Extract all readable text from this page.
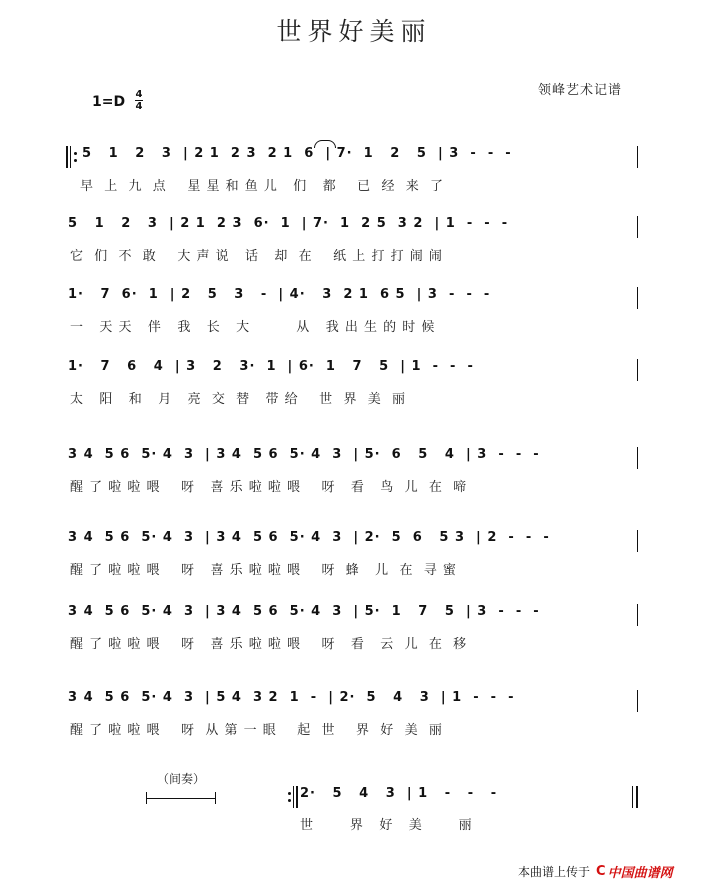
世界好美丽
领峰艺术记谱
1=D 4
4
5   1   2   3  | 2 1  2 3  2 1  6  | 7·  1   2   5  | 3  -  -  -
早  上  九  点    星 星 和 鱼 儿   们   都    已  经  来  了
5   1   2   3  | 2 1  2 3  6·  1  | 7·  1  2 5  3 2  | 1  -  -  -
它  们  不  敢    大 声 说   话   却  在    纸 上 打 打 闹 闹
1·   7  6·  1  | 2   5   3   -  | 4·   3  2 1  6 5  | 3  -  -  -
一   天 天   伴   我   长   大         从   我 出 生 的 时 候
1·   7   6   4  | 3   2   3·  1  | 6·  1   7   5  | 1  -  -  -
太   阳   和   月   亮  交  替   带 给    世  界  美  丽
3 4  5 6  5· 4  3  | 3 4  5 6  5· 4  3  | 5·  6   5   4  | 3  -  -  -
醒 了 啦 啦 喂    呀   喜 乐 啦 啦 喂    呀   看   鸟  儿  在  啼
3 4  5 6  5· 4  3  | 3 4  5 6  5· 4  3  | 2·  5  6   5 3  | 2  -  -  -
醒 了 啦 啦 喂    呀   喜 乐 啦 啦 喂    呀  蜂   儿  在  寻 蜜
3 4  5 6  5· 4  3  | 3 4  5 6  5· 4  3  | 5·  1   7   5  | 3  -  -  -
醒 了 啦 啦 喂    呀   喜 乐 啦 啦 喂    呀   看   云  儿  在  移
3 4  5 6  5· 4  3  | 5 4  3 2  1  -  | 2·  5   4   3  | 1  -  -  -
醒 了 啦 啦 喂    呀  从 第 一 眼    起  世    界  好  美  丽
（间奏）
2·   5   4   3  | 1   -   -   -
世       界   好   美       丽
本曲谱上传于 C 中国曲谱网
